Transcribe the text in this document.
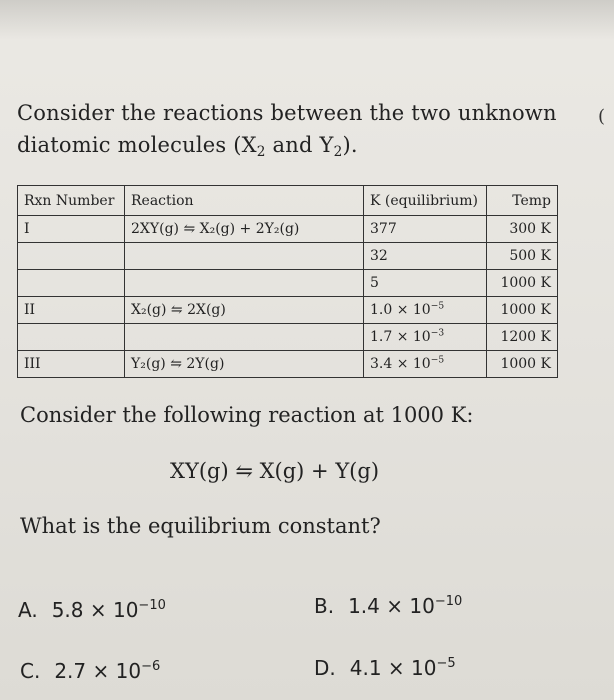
(
Consider the reactions between the two unknown
diatomic molecules ($X_2$ and $Y_2$).
Rxn Number	Reaction	K (equilibrium)	Temp
I	2XY(g) ⇋ X₂(g) + 2Y₂(g)	377	300 K
		32	500 K
		5	1000 K
II	X₂(g) ⇋ 2X(g)	$1.0 \times 10^{-5}$	1000 K
		$1.7 \times 10^{-3}$	1200 K
III	Y₂(g) ⇋ 2Y(g)	$3.4 \times 10^{-5}$	1000 K
Consider the following reaction at 1000 K:
XY(g) ⇋ X(g) + Y(g)
What is the equilibrium constant?
A. $5.8 \times 10^{-10}$	B. $1.4 \times 10^{-10}$
C. $2.7 \times 10^{-6}$	D. $4.1 \times 10^{-5}$
